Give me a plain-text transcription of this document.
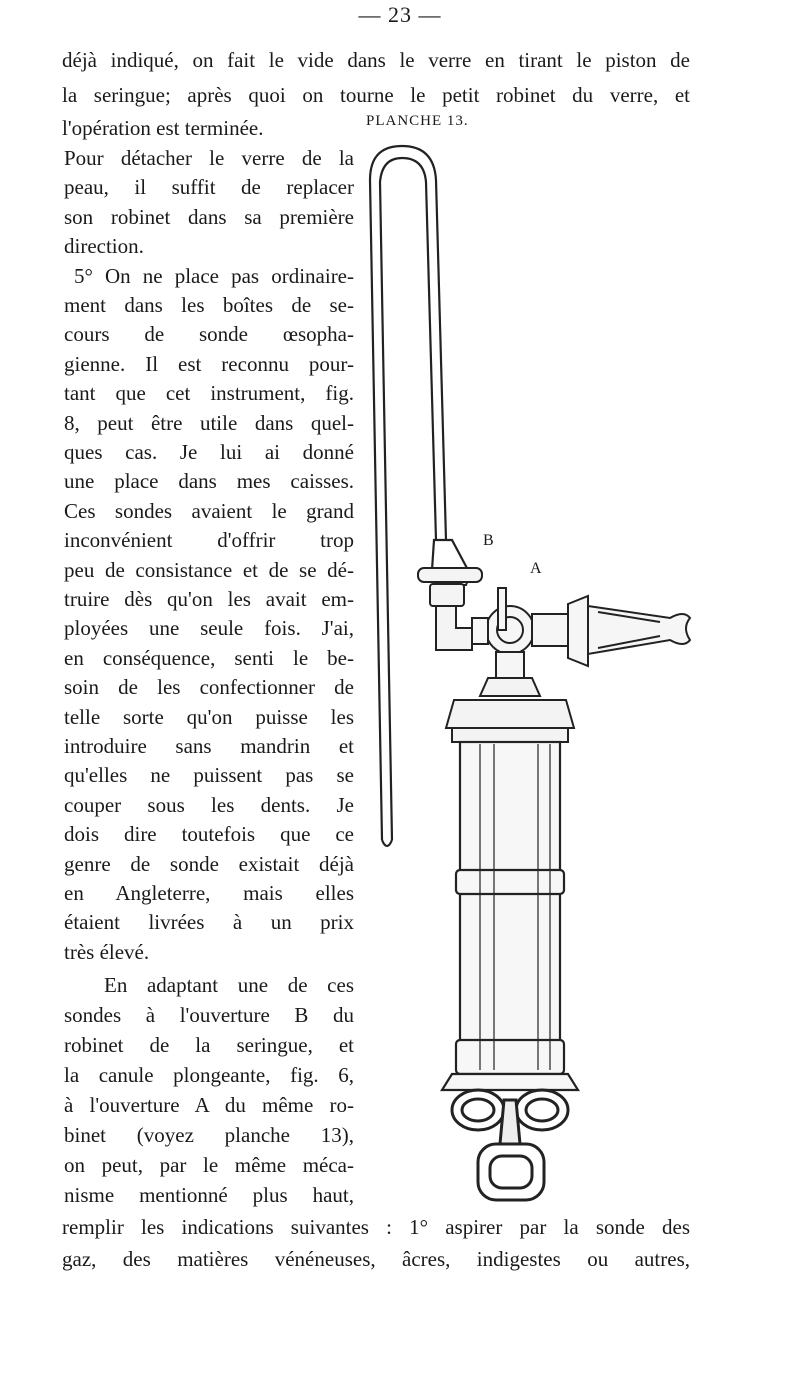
— 23 —
déjà indiqué, on fait le vide dans le verre en tirant le piston de
la seringue; après quoi on tourne le petit robinet du verre, et
l'opération est terminée.	PLANCHE 13.
Pour détacher le verre de la
peau, il suffit de replacer
son robinet dans sa première
direction.
5° On ne place pas ordinaire-
ment dans les boîtes de se-
cours de sonde œsopha-
gienne. Il est reconnu pour-
tant que cet instrument, fig.
8, peut être utile dans quel-
ques cas. Je lui ai donné
une place dans mes caisses.
Ces sondes avaient le grand
inconvénient d'offrir trop
peu de consistance et de se dé-
truire dès qu'on les avait em-
ployées une seule fois. J'ai,
en conséquence, senti le be-
soin de les confectionner de
telle sorte qu'on puisse les
introduire sans mandrin et
qu'elles ne puissent pas se
couper sous les dents. Je
dois dire toutefois que ce
genre de sonde existait déjà
en Angleterre, mais elles
étaient livrées à un prix
très élevé.
En adaptant une de ces
sondes à l'ouverture B du
robinet de la seringue, et
la canule plongeante, fig. 6,
à l'ouverture A du même ro-
binet (voyez planche 13),
on peut, par le même méca-
nisme mentionné plus haut,
remplir les indications suivantes : 1° aspirer par la sonde des
gaz, des matières vénéneuses, âcres, indigestes ou autres,
B
A
